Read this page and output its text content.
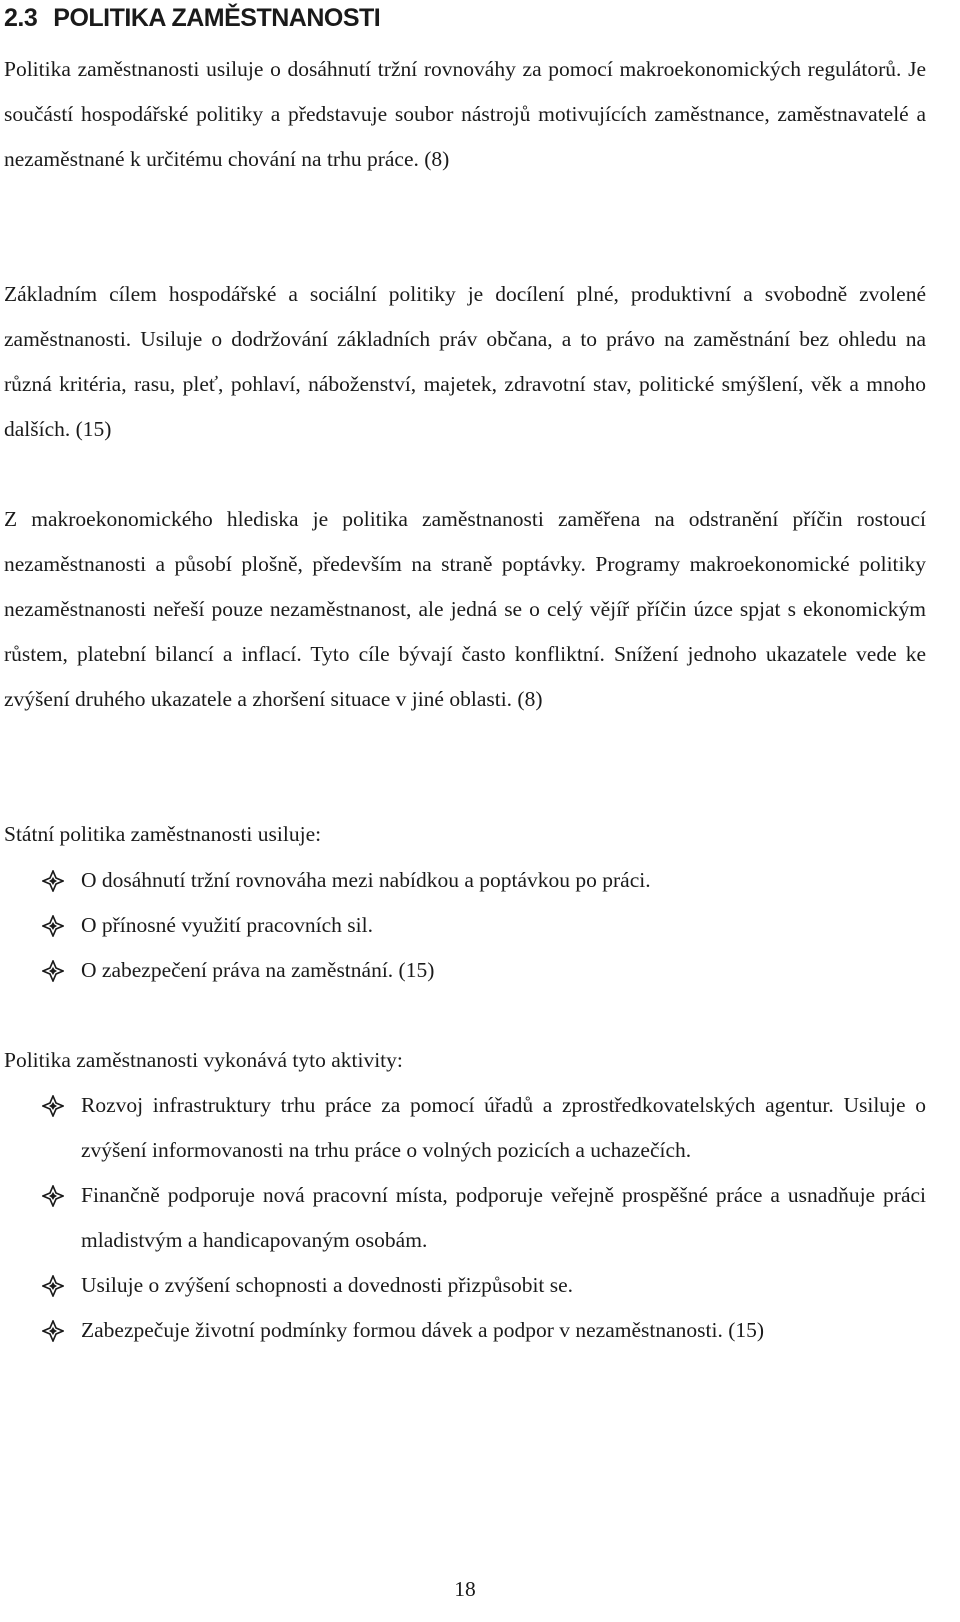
2.3 POLITIKA ZAMĚSTNANOSTI

Politika zaměstnanosti usiluje o dosáhnutí tržní rovnováhy za pomocí makroekonomických regulátorů. Je součástí hospodářské politiky a představuje soubor nástrojů motivujících zaměstnance, zaměstnavatelé a nezaměstnané k určitému chování na trhu práce. (8)

Základním cílem hospodářské a sociální politiky je docílení plné, produktivní a svobodně zvolené zaměstnanosti. Usiluje o dodržování základních práv občana, a to právo na zaměstnání bez ohledu na různá kritéria, rasu, pleť, pohlaví, náboženství, majetek, zdravotní stav, politické smýšlení, věk a mnoho dalších. (15)

Z makroekonomického hlediska je politika zaměstnanosti zaměřena na odstranění příčin rostoucí nezaměstnanosti a působí plošně, především na straně poptávky. Programy makroekonomické politiky nezaměstnanosti neřeší pouze nezaměstnanost, ale jedná se o celý vějíř příčin úzce spjat s ekonomickým růstem, platební bilancí a inflací. Tyto cíle bývají často konfliktní. Snížení jednoho ukazatele vede ke zvýšení druhého ukazatele a zhoršení situace v jiné oblasti. (8)

Státní politika zaměstnanosti usiluje:

O dosáhnutí tržní rovnováha mezi nabídkou a poptávkou po práci.
O přínosné využití pracovních sil.
O zabezpečení práva na zaměstnání. (15)

Politika zaměstnanosti vykonává tyto aktivity:

Rozvoj infrastruktury trhu práce za pomocí úřadů a zprostředkovatelských agentur. Usiluje o zvýšení informovanosti na trhu práce o volných pozicích a uchazečích.
Finančně podporuje nová pracovní místa, podporuje veřejně prospěšné práce a usnadňuje práci mladistvým a handicapovaným osobám.
Usiluje o zvýšení schopnosti a dovednosti přizpůsobit se.
Zabezpečuje životní podmínky formou dávek a podpor v nezaměstnanosti. (15)
18
